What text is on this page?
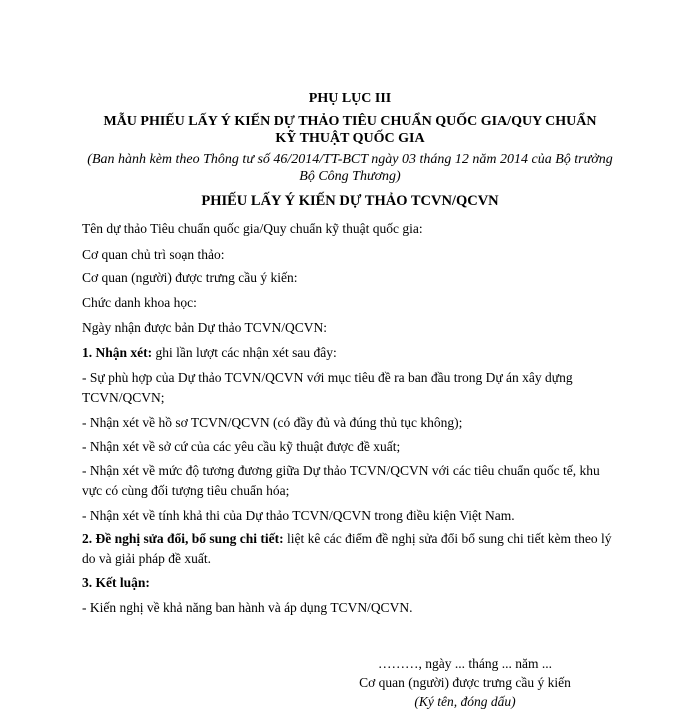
PHỤ LỤC III
MẪU PHIẾU LẤY Ý KIẾN DỰ THẢO TIÊU CHUẨN QUỐC GIA/QUY CHUẨN KỸ THUẬT QUỐC GIA
(Ban hành kèm theo Thông tư số 46/2014/TT-BCT ngày 03 tháng 12 năm 2014 của Bộ trưởng Bộ Công Thương)
PHIẾU LẤY Ý KIẾN DỰ THẢO TCVN/QCVN
Tên dự thảo Tiêu chuẩn quốc gia/Quy chuẩn kỹ thuật quốc gia:
Cơ quan chủ trì soạn thảo:
Cơ quan (người) được trưng cầu ý kiến:
Chức danh khoa học:
Ngày nhận được bản Dự thảo TCVN/QCVN:
1. Nhận xét: ghi lần lượt các nhận xét sau đây:
- Sự phù hợp của Dự thảo TCVN/QCVN với mục tiêu đề ra ban đầu trong Dự án xây dựng TCVN/QCVN;
- Nhận xét về hồ sơ TCVN/QCVN (có đầy đủ và đúng thủ tục không);
- Nhận xét về sở cứ của các yêu cầu kỹ thuật được đề xuất;
- Nhận xét về mức độ tương đương giữa Dự thảo TCVN/QCVN với các tiêu chuẩn quốc tế, khu vực có cùng đối tượng tiêu chuẩn hóa;
- Nhận xét về tính khả thi của Dự thảo TCVN/QCVN trong điều kiện Việt Nam.
2. Đề nghị sửa đổi, bổ sung chi tiết: liệt kê các điểm đề nghị sửa đổi bổ sung chi tiết kèm theo lý do và giải pháp đề xuất.
3. Kết luận:
- Kiến nghị về khả năng ban hành và áp dụng TCVN/QCVN.
………, ngày ... tháng ... năm ...
Cơ quan (người) được trưng cầu ý kiến
(Ký tên, đóng dấu)
